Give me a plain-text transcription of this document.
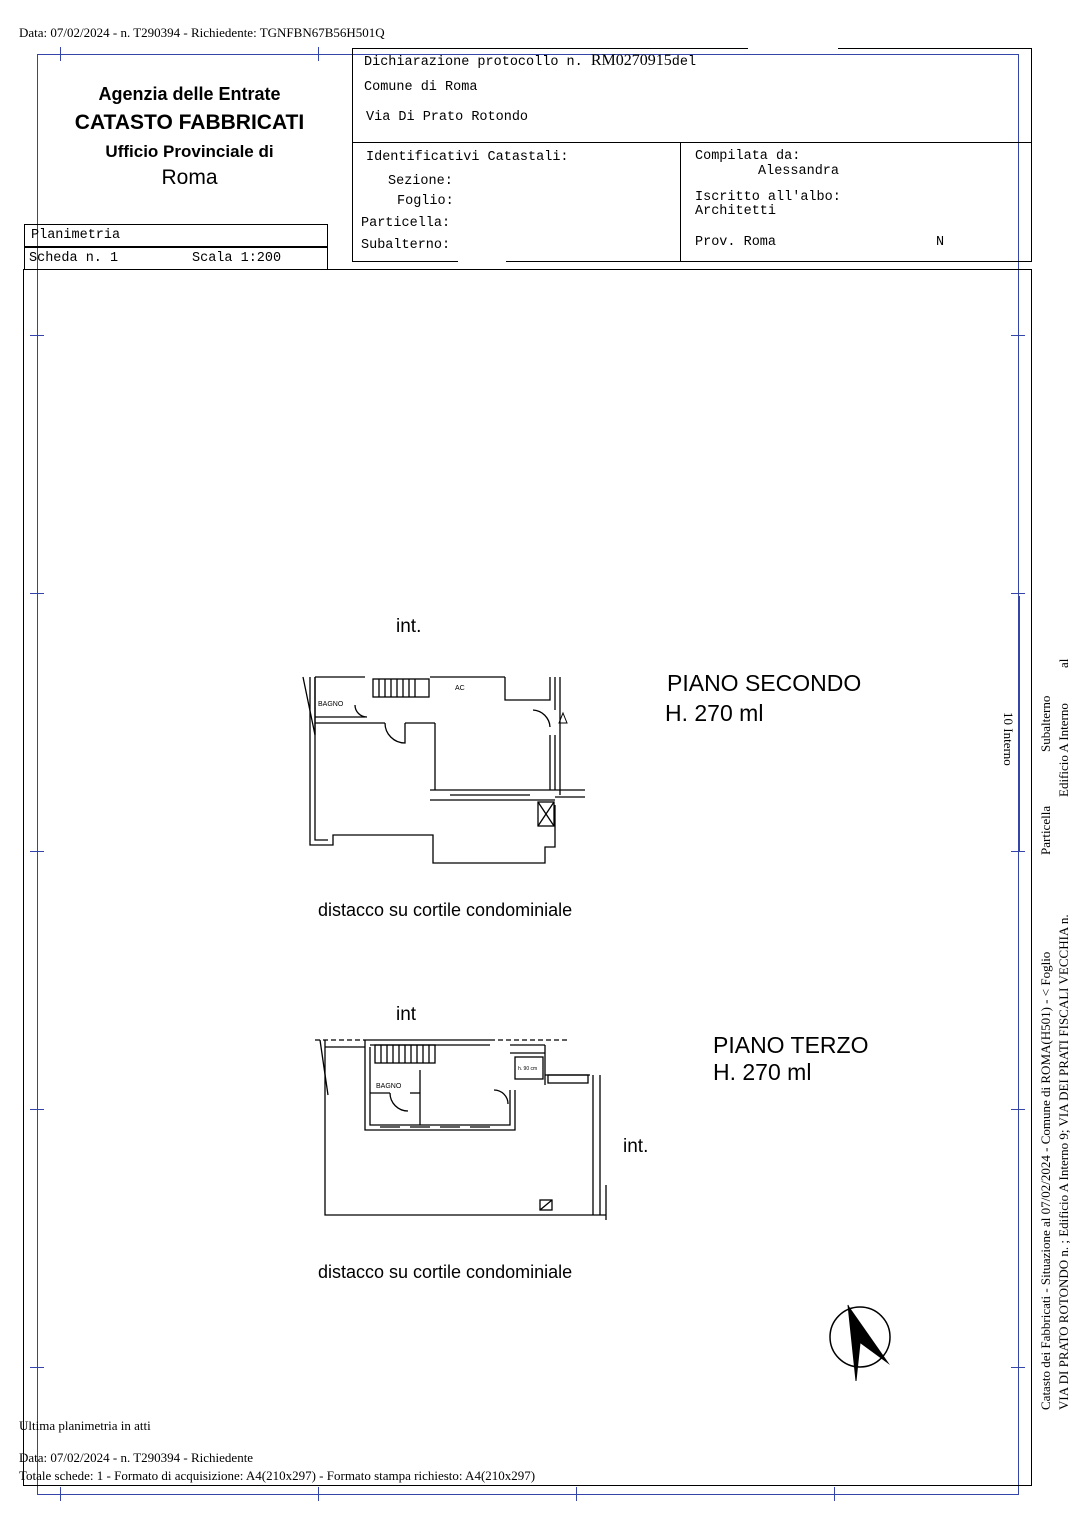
Data: 07/02/2024 - n. T290394 - Richiedente: TGNFBN67B56H501Q
Agenzia delle Entrate
CATASTO FABBRICATI
Ufficio Provinciale di
Roma
Dichiarazione protocollo n. RM0270915del
Comune di Roma
Via Di Prato Rotondo
Identificativi Catastali:
Sezione:
Foglio:
Particella:
Subalterno:
Compilata da:
Alessandra
Iscritto all'albo:
Architetti
Prov. Roma	N
Planimetria
Scheda n. 1	Scala 1:200
int.
PIANO SECONDO
H. 270 ml
distacco su cortile condominiale
BAGNO
AC
int
PIANO TERZO
H. 270 ml
int.
distacco su cortile condominiale
BAGNO
h. 90 cm
Ultima planimetria in atti
Data: 07/02/2024 - n. T290394 - Richiedente
Totale schede: 1 - Formato di acquisizione: A4(210x297) - Formato stampa richiesto: A4(210x297)
Catasto dei Fabbricati - Situazione al 07/02/2024 - Comune di ROMA(H501) - < Foglio VIA DI PRATO ROTONDO n. ; Edificio A Interno 9; VIA DEI PRATI FISCALI VECCHIA n.
Particella
Subalterno Edificio A Interno
al
10 Interno
